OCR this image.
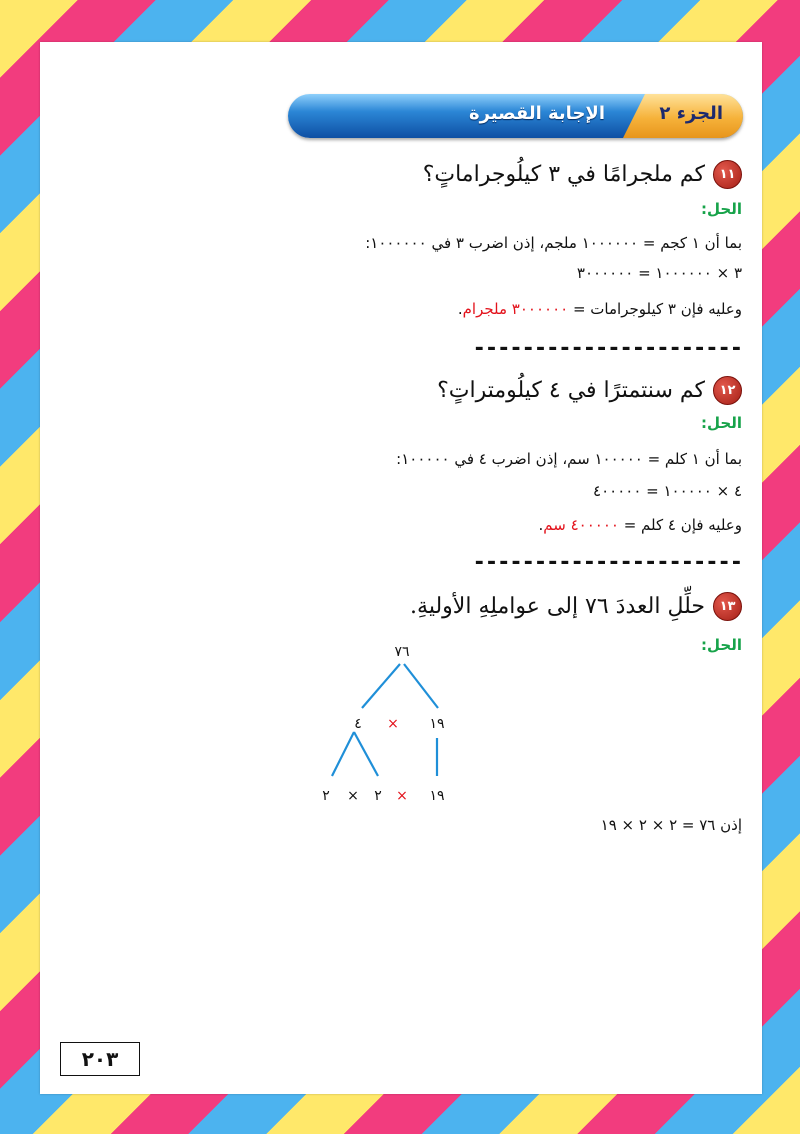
الجزء ٢
الإجابة القصيرة
١١
كم ملجرامًا في ٣ كيلُوجراماتٍ؟
الحل:
بما أن ١ كجم = ١٠٠٠٠٠٠ ملجم، إذن اضرب ٣ في ١٠٠٠٠٠٠:
٣ × ١٠٠٠٠٠٠ = ٣٠٠٠٠٠٠
وعليه فإن ٣ كيلوجرامات = ٣٠٠٠٠٠٠ ملجرام.
----------------------
١٢
كم سنتمترًا في ٤ كيلُومتراتٍ؟
الحل:
بما أن ١ كلم = ١٠٠٠٠٠ سم، إذن اضرب ٤ في ١٠٠٠٠٠:
٤ × ١٠٠٠٠٠ = ٤٠٠٠٠٠
وعليه فإن ٤ كلم = ٤٠٠٠٠٠ سم.
----------------------
١٣
حلِّلِ العددَ ٧٦ إلى عواملِهِ الأوليةِ.
الحل:
٧٦
٤ × ١٩
٢ × ٢ × ١٩
إذن ٧٦ = ٢ × ٢ × ١٩
٢٠٣
